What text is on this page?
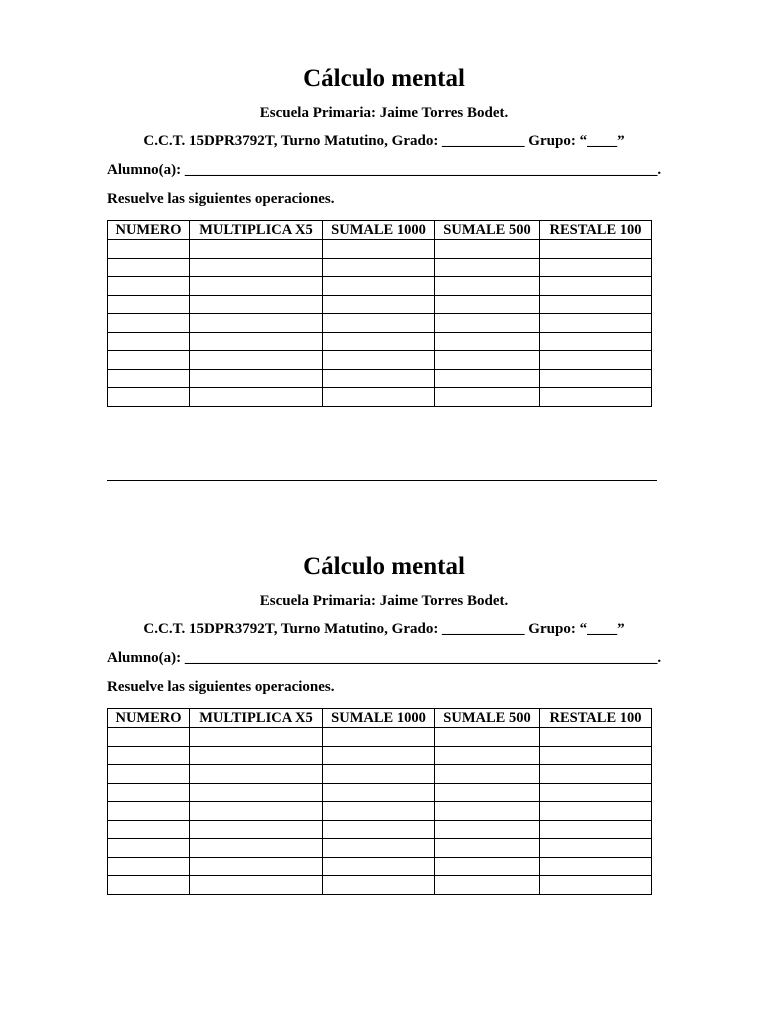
Cálculo mental
Escuela Primaria: Jaime Torres Bodet.
C.C.T. 15DPR3792T, Turno Matutino, Grado: ___________ Grupo: “____”
Alumno(a): _______________________________________________________________.
Resuelve las siguientes operaciones.
NUMERO	MULTIPLICA X5	SUMALE 1000	SUMALE 500	RESTALE 100

Cálculo mental
Escuela Primaria: Jaime Torres Bodet.
C.C.T. 15DPR3792T, Turno Matutino, Grado: ___________ Grupo: “____”
Alumno(a): _______________________________________________________________.
Resuelve las siguientes operaciones.
NUMERO	MULTIPLICA X5	SUMALE 1000	SUMALE 500	RESTALE 100
